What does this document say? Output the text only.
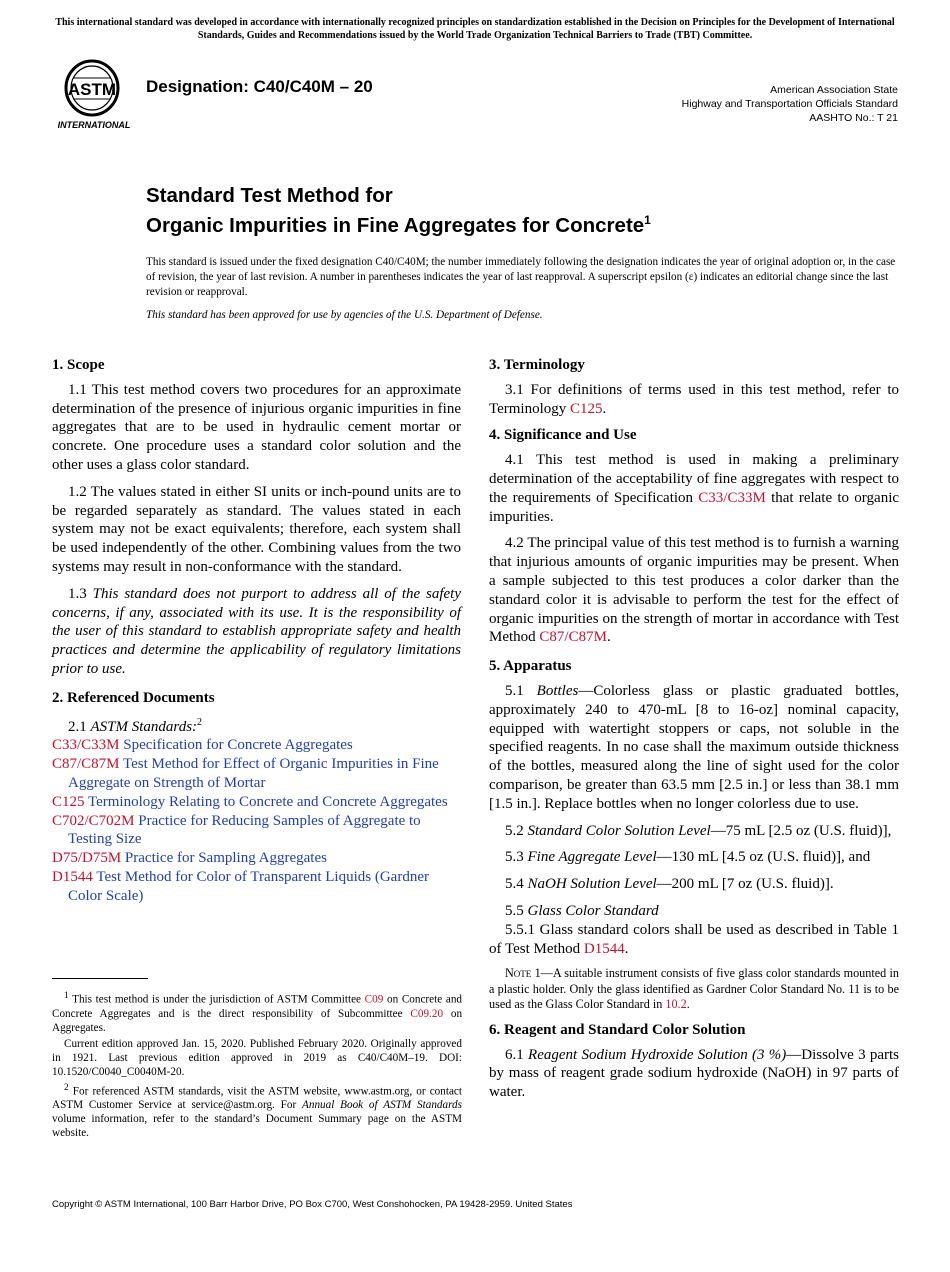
This international standard was developed in accordance with internationally recognized principles on standardization established in the Decision on Principles for the Development of International Standards, Guides and Recommendations issued by the World Trade Organization Technical Barriers to Trade (TBT) Committee.
ASTM
INTERNATIONAL
Designation: C40/C40M – 20	American Association State
Highway and Transportation Officials Standard
AASHTO No.: T 21
Standard Test Method for
Organic Impurities in Fine Aggregates for Concrete$^1$
This standard is issued under the fixed designation C40/C40M; the number immediately following the designation indicates the year of original adoption or, in the case of revision, the year of last revision. A number in parentheses indicates the year of last reapproval. A superscript epsilon (ε) indicates an editorial change since the last revision or reapproval.
This standard has been approved for use by agencies of the U.S. Department of Defense.
1. Scope

1.1 This test method covers two procedures for an approximate determination of the presence of injurious organic impurities in fine aggregates that are to be used in hydraulic cement mortar or concrete. One procedure uses a standard color solution and the other uses a glass color standard.

1.2 The values stated in either SI units or inch-pound units are to be regarded separately as standard. The values stated in each system may not be exact equivalents; therefore, each system shall be used independently of the other. Combining values from the two systems may result in non-conformance with the standard.

1.3 This standard does not purport to address all of the safety concerns, if any, associated with its use. It is the responsibility of the user of this standard to establish appropriate safety and health practices and determine the applicability of regulatory limitations prior to use.

2. Referenced Documents

2.1 ASTM Standards:$^2$

C33/C33M Specification for Concrete Aggregates
C87/C87M Test Method for Effect of Organic Impurities in Fine Aggregate on Strength of Mortar
C125 Terminology Relating to Concrete and Concrete Aggregates
C702/C702M Practice for Reducing Samples of Aggregate to Testing Size
D75/D75M Practice for Sampling Aggregates
D1544 Test Method for Color of Transparent Liquids (Gardner Color Scale)

$^1$ This test method is under the jurisdiction of ASTM Committee C09 on Concrete and Concrete Aggregates and is the direct responsibility of Subcommittee C09.20 on Aggregates.

Current edition approved Jan. 15, 2020. Published February 2020. Originally approved in 1921. Last previous edition approved in 2019 as C40/C40M–19. DOI: 10.1520/C0040_C0040M-20.

$^2$ For referenced ASTM standards, visit the ASTM website, www.astm.org, or contact ASTM Customer Service at service@astm.org. For Annual Book of ASTM Standards volume information, refer to the standard’s Document Summary page on the ASTM website.

3. Terminology

3.1 For definitions of terms used in this test method, refer to Terminology C125.

4. Significance and Use

4.1 This test method is used in making a preliminary determination of the acceptability of fine aggregates with respect to the requirements of Specification C33/C33M that relate to organic impurities.

4.2 The principal value of this test method is to furnish a warning that injurious amounts of organic impurities may be present. When a sample subjected to this test produces a color darker than the standard color it is advisable to perform the test for the effect of organic impurities on the strength of mortar in accordance with Test Method C87/C87M.

5. Apparatus

5.1 Bottles—Colorless glass or plastic graduated bottles, approximately 240 to 470-mL [8 to 16-oz] nominal capacity, equipped with watertight stoppers or caps, not soluble in the specified reagents. In no case shall the maximum outside thickness of the bottles, measured along the line of sight used for the color comparison, be greater than 63.5 mm [2.5 in.] or less than 38.1 mm [1.5 in.]. Replace bottles when no longer colorless due to use.

5.2 Standard Color Solution Level—75 mL [2.5 oz (U.S. fluid)],

5.3 Fine Aggregate Level—130 mL [4.5 oz (U.S. fluid)], and

5.4 NaOH Solution Level—200 mL [7 oz (U.S. fluid)].

5.5 Glass Color Standard

5.5.1 Glass standard colors shall be used as described in Table 1 of Test Method D1544.

Note 1—A suitable instrument consists of five glass color standards mounted in a plastic holder. Only the glass identified as Gardner Color Standard No. 11 is to be used as the Glass Color Standard in 10.2.
6. Reagent and Standard Color Solution

6.1 Reagent Sodium Hydroxide Solution (3 %)—Dissolve 3 parts by mass of reagent grade sodium hydroxide (NaOH) in 97 parts of water.

Copyright © ASTM International, 100 Barr Harbor Drive, PO Box C700, West Conshohocken, PA 19428-2959. United States
